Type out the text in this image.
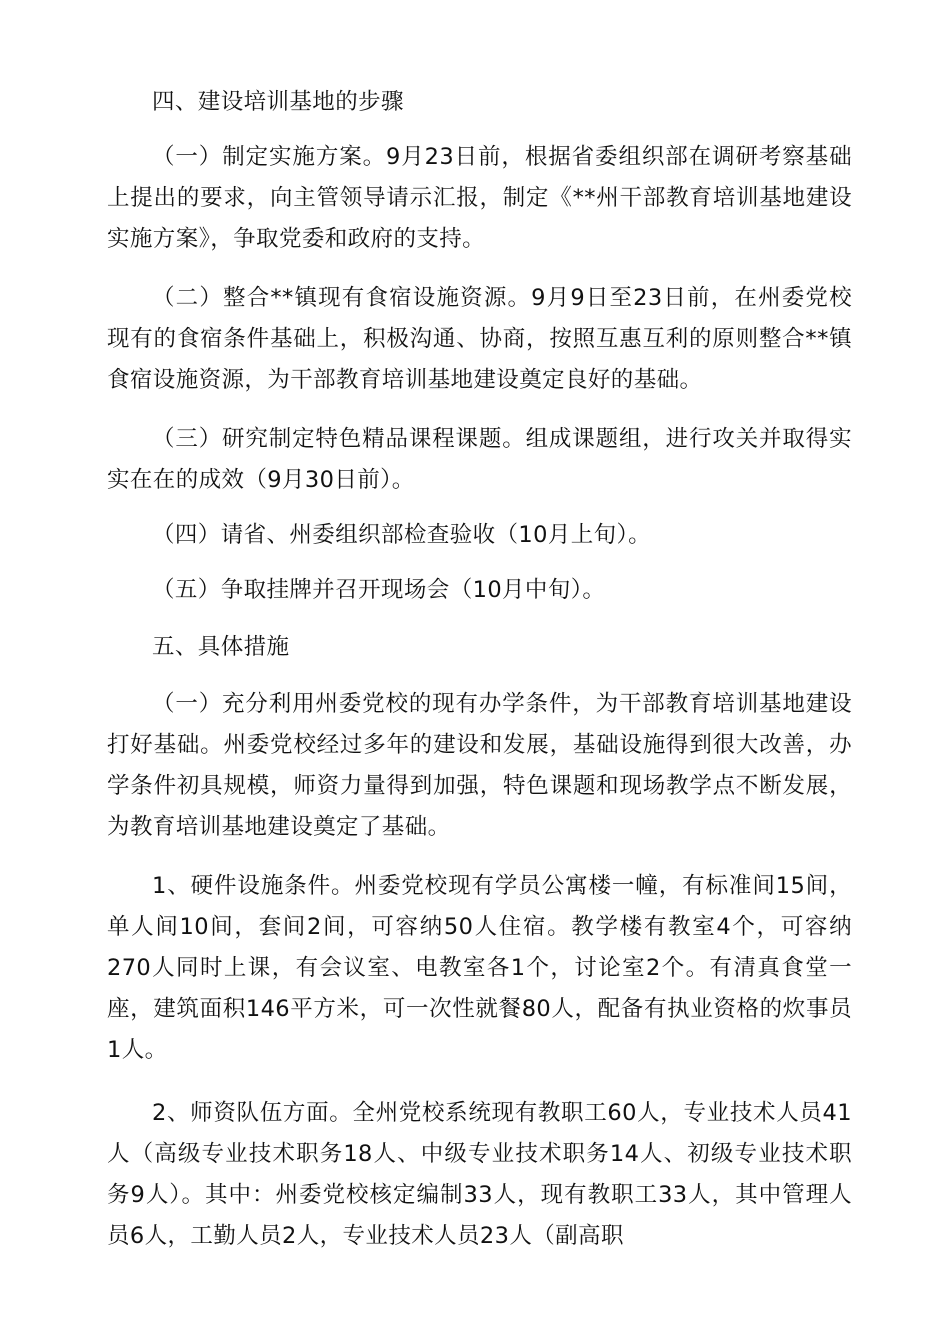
四、建设培训基地的步骤

（一）制定实施方案。9月23日前，根据省委组织部在调研考察基础上提出的要求，向主管领导请示汇报，制定《**州干部教育培训基地建设实施方案》，争取党委和政府的支持。

（二）整合**镇现有食宿设施资源。9月9日至23日前，在州委党校现有的食宿条件基础上，积极沟通、协商，按照互惠互利的原则整合**镇食宿设施资源，为干部教育培训基地建设奠定良好的基础。

（三）研究制定特色精品课程课题。组成课题组，进行攻关并取得实实在在的成效（9月30日前）。

（四）请省、州委组织部检查验收（10月上旬）。

（五）争取挂牌并召开现场会（10月中旬）。

五、具体措施

（一）充分利用州委党校的现有办学条件，为干部教育培训基地建设打好基础。州委党校经过多年的建设和发展，基础设施得到很大改善，办学条件初具规模，师资力量得到加强，特色课题和现场教学点不断发展，为教育培训基地建设奠定了基础。

1、硬件设施条件。州委党校现有学员公寓楼一幢，有标准间15间，单人间10间，套间2间，可容纳50人住宿。教学楼有教室4个，可容纳270人同时上课，有会议室、电教室各1个，讨论室2个。有清真食堂一座，建筑面积146平方米，可一次性就餐80人，配备有执业资格的炊事员1人。

2、师资队伍方面。全州党校系统现有教职工60人，专业技术人员41人（高级专业技术职务18人、中级专业技术职务14人、初级专业技术职务9人）。其中：州委党校核定编制33人，现有教职工33人，其中管理人员6人，工勤人员2人，专业技术人员23人（副高职
